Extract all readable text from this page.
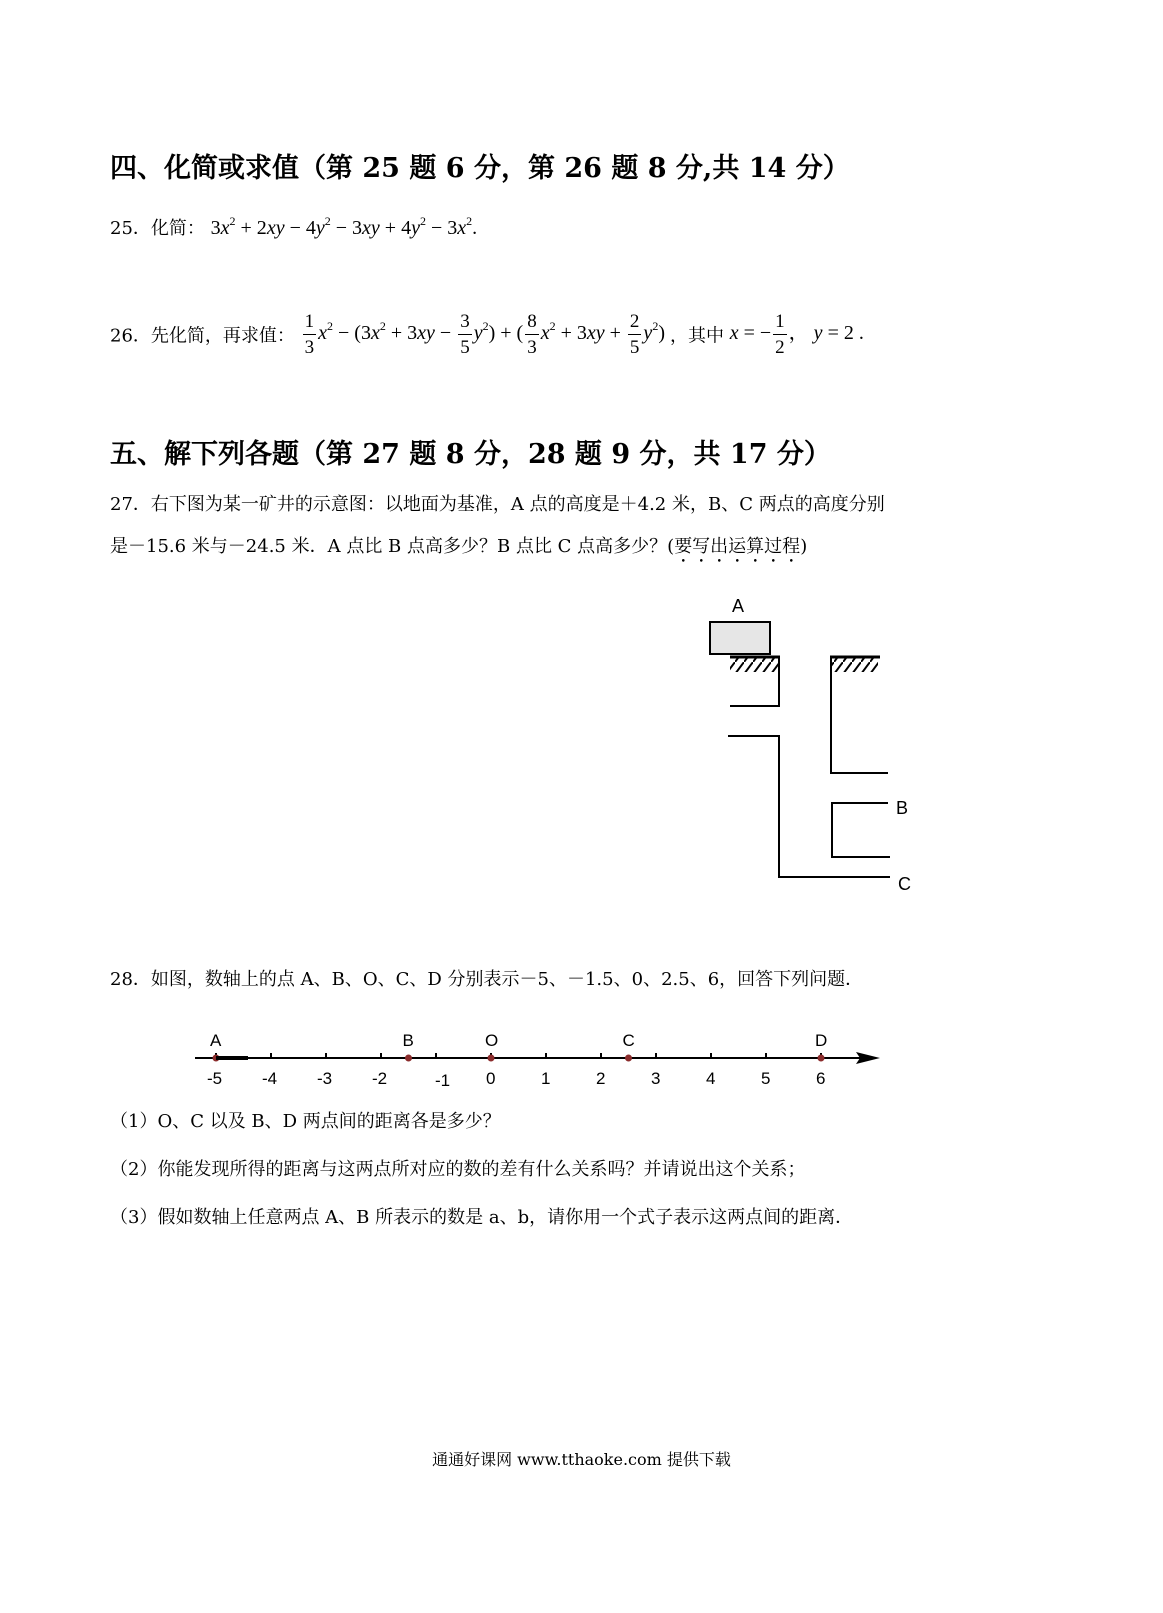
四、化简或求值（第 25 题 6 分，第 26 题 8 分,共 14 分）
25．化简： $3x^2 + 2xy - 4y^2 - 3xy + 4y^2 - 3x^2$.
26．先化简，再求值： $\frac{1}{3} x^2 - (3x^2 + 3xy - \frac{3}{5} y^2)$ + ( $\frac{8}{3} x^2 + 3xy + \frac{2}{5} y^2$) ，其中 x = − $\frac{1}{2}$ ， y = 2 .
五、解下列各题（第 27 题 8 分，28 题 9 分，共 17 分）
27．右下图为某一矿井的示意图：以地面为基准，A 点的高度是＋4.2 米，B、C 两点的高度分别
是－15.6 米与－24.5 米．A 点比 B 点高多少？B 点比 C 点高多少？(要写出运算过程)
A
B
C
28．如图，数轴上的点 A、B、O、C、D 分别表示－5、－1.5、0、2.5、6，回答下列问题．
-5 -4 -3 -2	-1 0	1	2	3	4	5	6
A	B	O	C	D
（1）O、C 以及 B、D 两点间的距离各是多少？
（2）你能发现所得的距离与这两点所对应的数的差有什么关系吗？并请说出这个关系；
（3）假如数轴上任意两点 A、B 所表示的数是 a、b，请你用一个式子表示这两点间的距离．
通通好课网 www.tthaoke.com 提供下载
